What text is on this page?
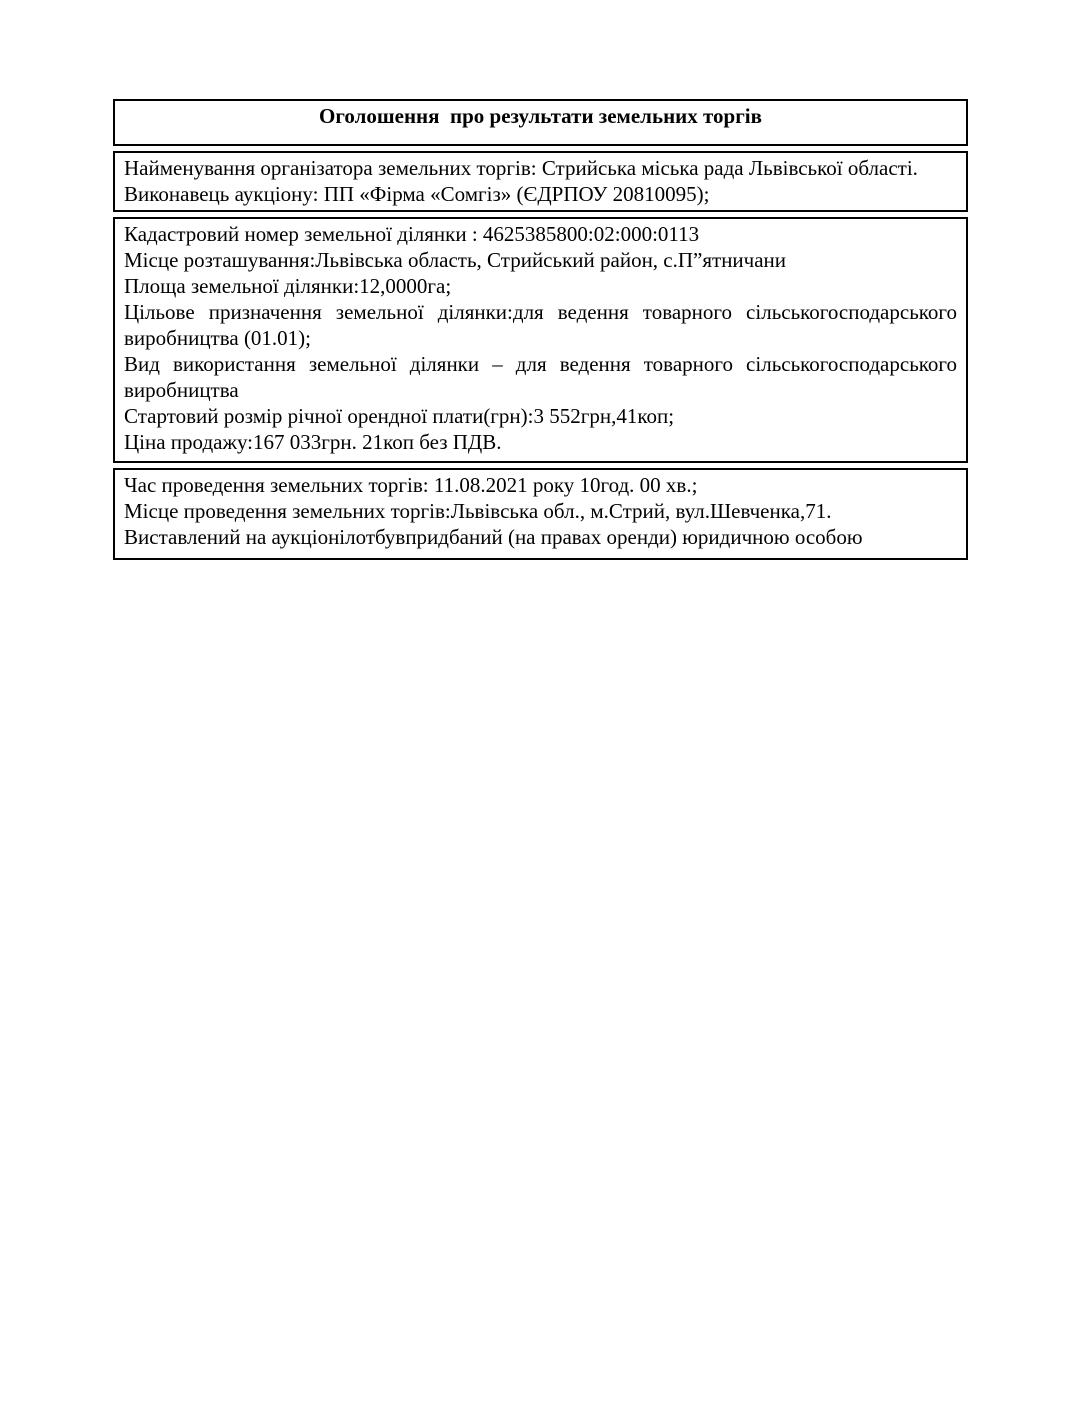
Оголошення  про результати земельних торгів
Найменування організатора земельних торгів: Стрийська міська рада Львівської області.
Виконавець аукціону: ПП «Фірма «Сомгіз» (ЄДРПОУ 20810095);
Кадастровий номер земельної ділянки : 4625385800:02:000:0113
Місце розташування:Львівська область, Стрийський район, с.П”ятничани
Площа земельної ділянки:12,0000га;
Цільове призначення земельної ділянки:для ведення товарного сільськогосподарського
виробництва (01.01);
Вид використання земельної ділянки – для ведення товарного сільськогосподарського
виробництва
Стартовий розмір річної орендної плати(грн):3 552грн,41коп;
Ціна продажу:167 033грн. 21коп без ПДВ.
Час проведення земельних торгів: 11.08.2021 року 10год. 00 хв.;
Місце проведення земельних торгів:Львівська обл., м.Стрий, вул.Шевченка,71.
Виставлений на аукціонілотбувпридбаний (на правах оренди) юридичною особою
